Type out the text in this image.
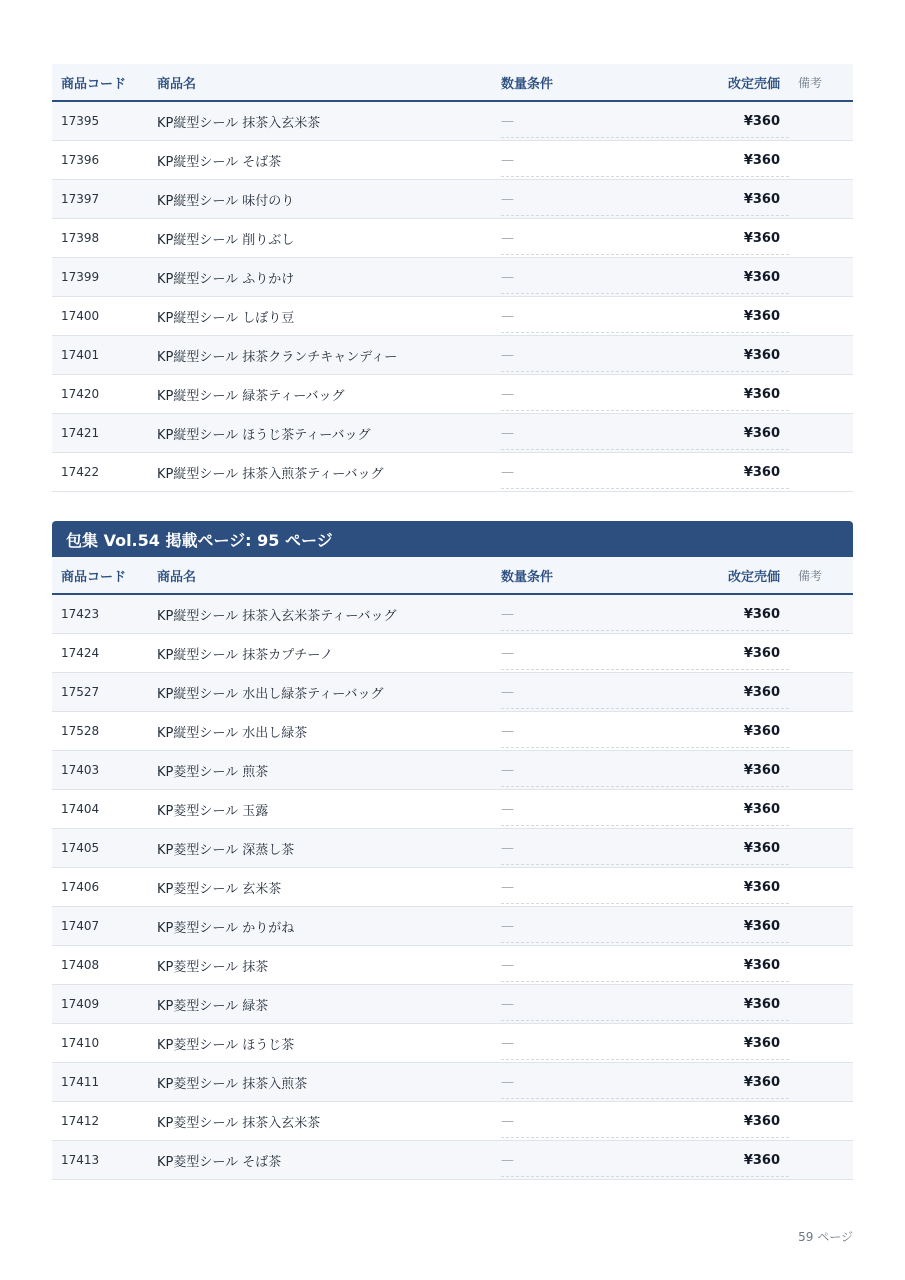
商品コード 商品名	数量条件	改定売価 備考
17395	KP縦型シール 抹茶入玄米茶	—	¥360
17396	KP縦型シール そば茶	—	¥360
17397	KP縦型シール 味付のり	—	¥360
17398	KP縦型シール 削りぶし	—	¥360
17399	KP縦型シール ふりかけ	—	¥360
17400	KP縦型シール しぼり豆	—	¥360
17401	KP縦型シール 抹茶クランチキャンディー	—	¥360
17420	KP縦型シール 緑茶ティーバッグ	—	¥360
17421	KP縦型シール ほうじ茶ティーバッグ	—	¥360
17422	KP縦型シール 抹茶入煎茶ティーバッグ	—	¥360
包集 Vol.54 掲載ページ: 95 ページ
商品コード 商品名	数量条件	改定売価 備考
17423	KP縦型シール 抹茶入玄米茶ティーバッグ	—	¥360
17424	KP縦型シール 抹茶カプチーノ	—	¥360
17527	KP縦型シール 水出し緑茶ティーバッグ	—	¥360
17528	KP縦型シール 水出し緑茶	—	¥360
17403	KP菱型シール 煎茶	—	¥360
17404	KP菱型シール 玉露	—	¥360
17405	KP菱型シール 深蒸し茶	—	¥360
17406	KP菱型シール 玄米茶	—	¥360
17407	KP菱型シール かりがね	—	¥360
17408	KP菱型シール 抹茶	—	¥360
17409	KP菱型シール 緑茶	—	¥360
17410	KP菱型シール ほうじ茶	—	¥360
17411	KP菱型シール 抹茶入煎茶	—	¥360
17412	KP菱型シール 抹茶入玄米茶	—	¥360
17413	KP菱型シール そば茶	—	¥360
59 ページ
